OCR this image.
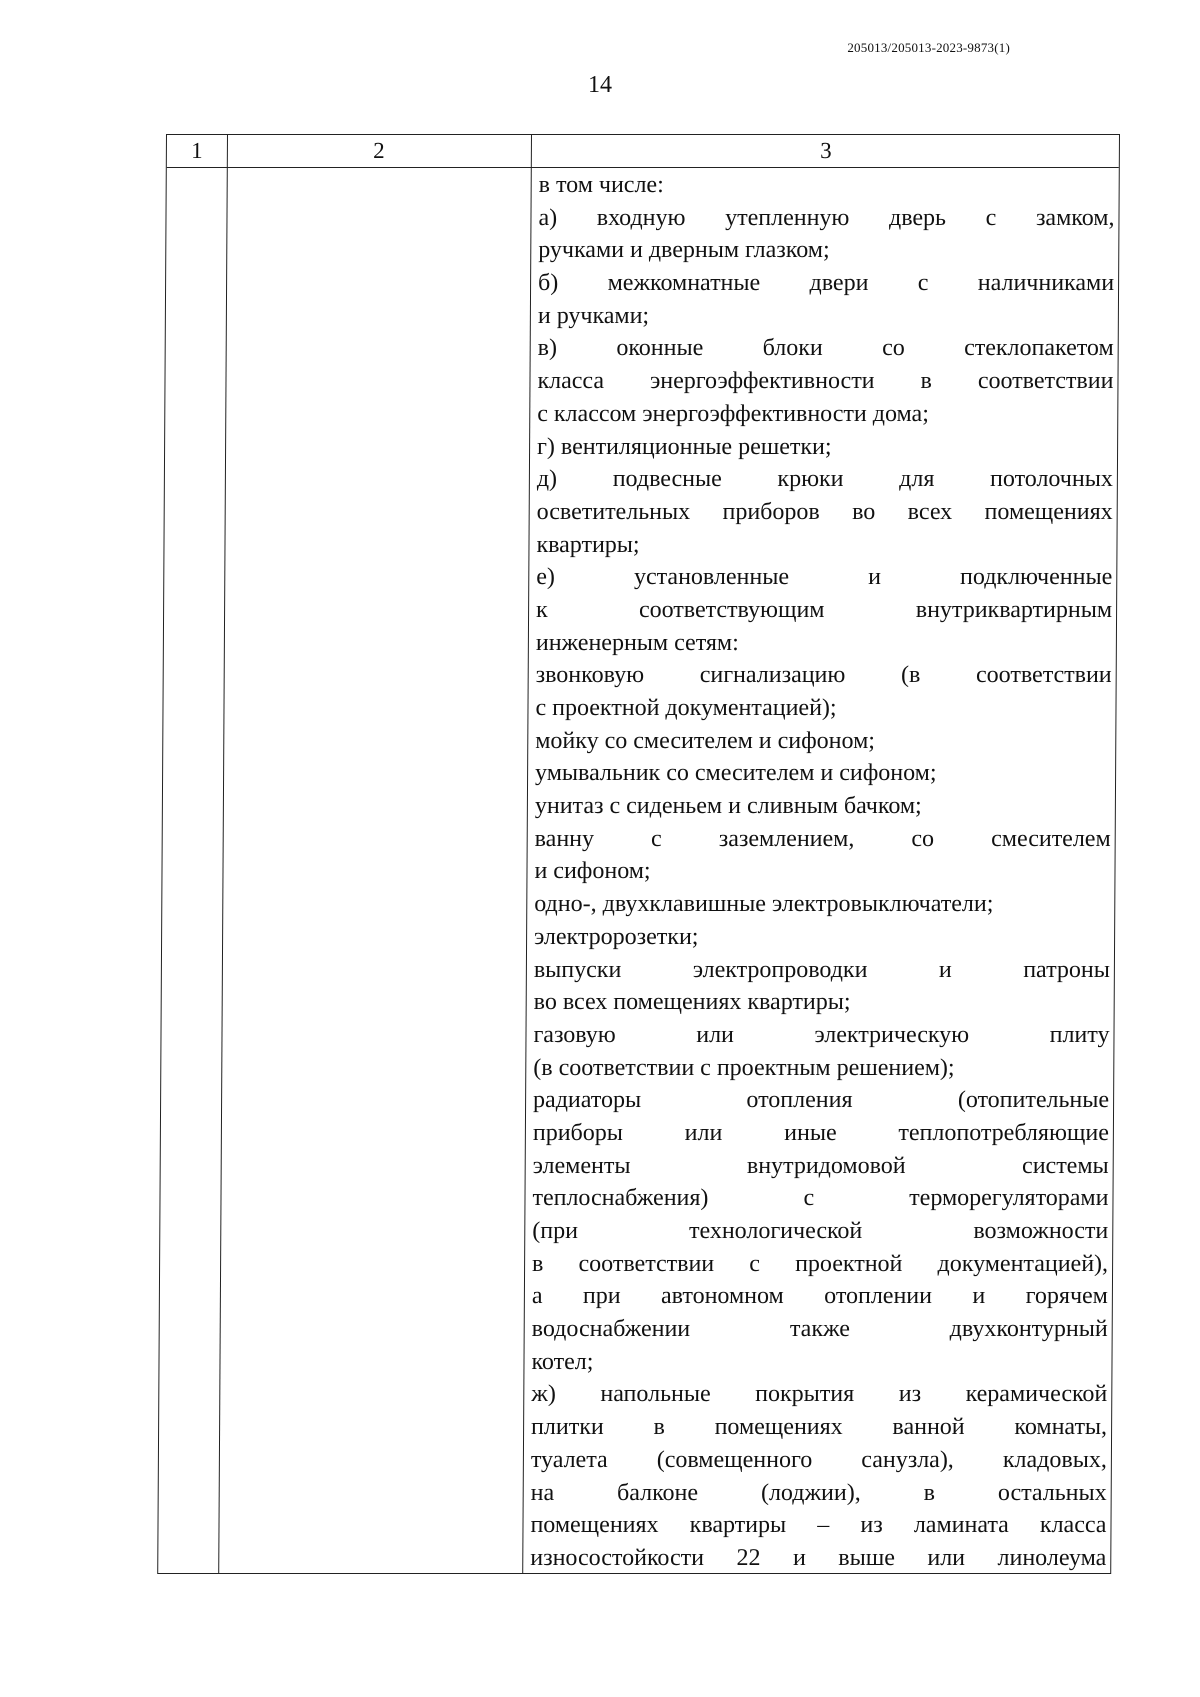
205013/205013-2023-9873(1)
14
1	2	3
в том числе:
а) входную утепленную дверь с замком,
ручками и дверным глазком;
б) межкомнатные двери с наличниками
и ручками;
в) оконные блоки со стеклопакетом
класса энергоэффективности в соответствии
с классом энергоэффективности дома;
г) вентиляционные решетки;
д) подвесные крюки для потолочных
осветительных приборов во всех помещениях
квартиры;
е) установленные и подключенные
к соответствующим внутриквартирным
инженерным сетям:
звонковую сигнализацию (в соответствии
с проектной документацией);
мойку со смесителем и сифоном;
умывальник со смесителем и сифоном;
унитаз с сиденьем и сливным бачком;
ванну с заземлением, со смесителем
и сифоном;
одно-, двухклавишные электровыключатели;
электророзетки;
выпуски электропроводки и патроны
во всех помещениях квартиры;
газовую или электрическую плиту
(в соответствии с проектным решением);
радиаторы отопления (отопительные
приборы или иные теплопотребляющие
элементы внутридомовой системы
теплоснабжения) с терморегуляторами
(при технологической возможности
в соответствии с проектной документацией),
а при автономном отоплении и горячем
водоснабжении также двухконтурный
котел;
ж) напольные покрытия из керамической
плитки в помещениях ванной комнаты,
туалета (совмещенного санузла), кладовых,
на балконе (лоджии), в остальных
помещениях квартиры – из ламината класса
износостойкости 22 и выше или линолеума
